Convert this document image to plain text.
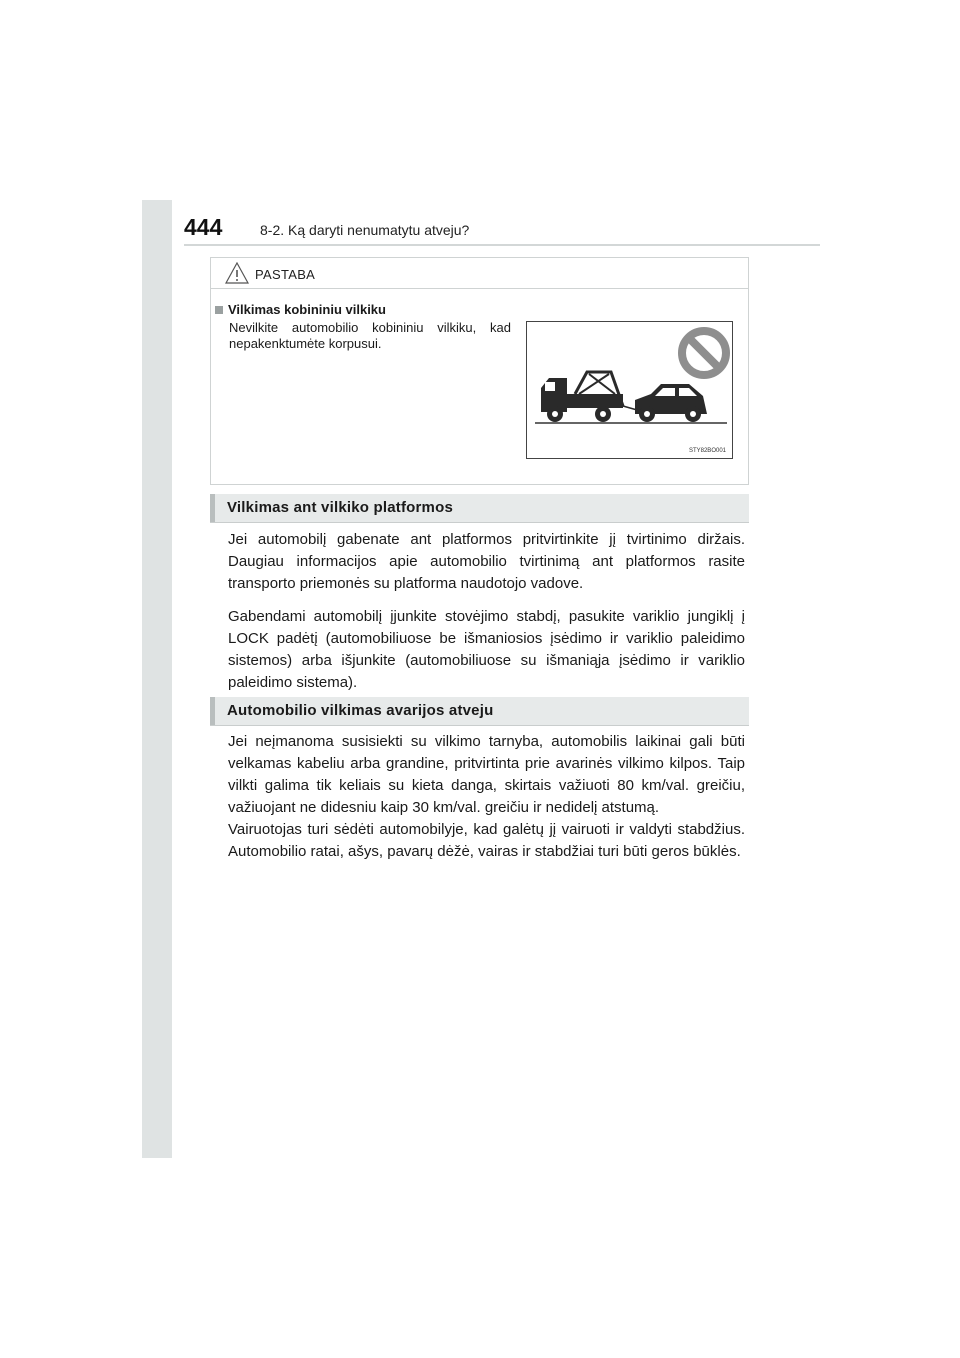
444	8-2. Ką daryti nenumatytu atveju?
PASTABA
Vilkimas kobininiu vilkiku
Nevilkite automobilio kobininiu vilkiku, kad nepakenktumėte korpusui.
STY82BO001
Vilkimas ant vilkiko platformos

Jei automobilį gabenate ant platformos pritvirtinkite jį tvirtinimo diržais. Daugiau informacijos apie automobilio tvirtinimą ant platformos rasite transporto priemonės su platforma naudotojo vadove.

Gabendami automobilį įjunkite stovėjimo stabdį, pasukite variklio jungiklį į LOCK padėtį (automobiliuose be išmaniosios įsėdimo ir variklio paleidimo sistemos) arba išjunkite (automobiliuose su išmaniąja įsėdimo ir variklio paleidimo sistema).

Automobilio vilkimas avarijos atveju

Jei neįmanoma susisiekti su vilkimo tarnyba, automobilis laikinai gali būti velkamas kabeliu arba grandine, pritvirtinta prie avarinės vilkimo kilpos. Taip vilkti galima tik keliais su kieta danga, skirtais važiuoti 80 km/val. greičiu, važiuojant ne didesniu kaip 30 km/val. greičiu ir nedidelį atstumą.

Vairuotojas turi sėdėti automobilyje, kad galėtų jį vairuoti ir valdyti stabdžius. Automobilio ratai, ašys, pavarų dėžė, vairas ir stabdžiai turi būti geros būklės.
